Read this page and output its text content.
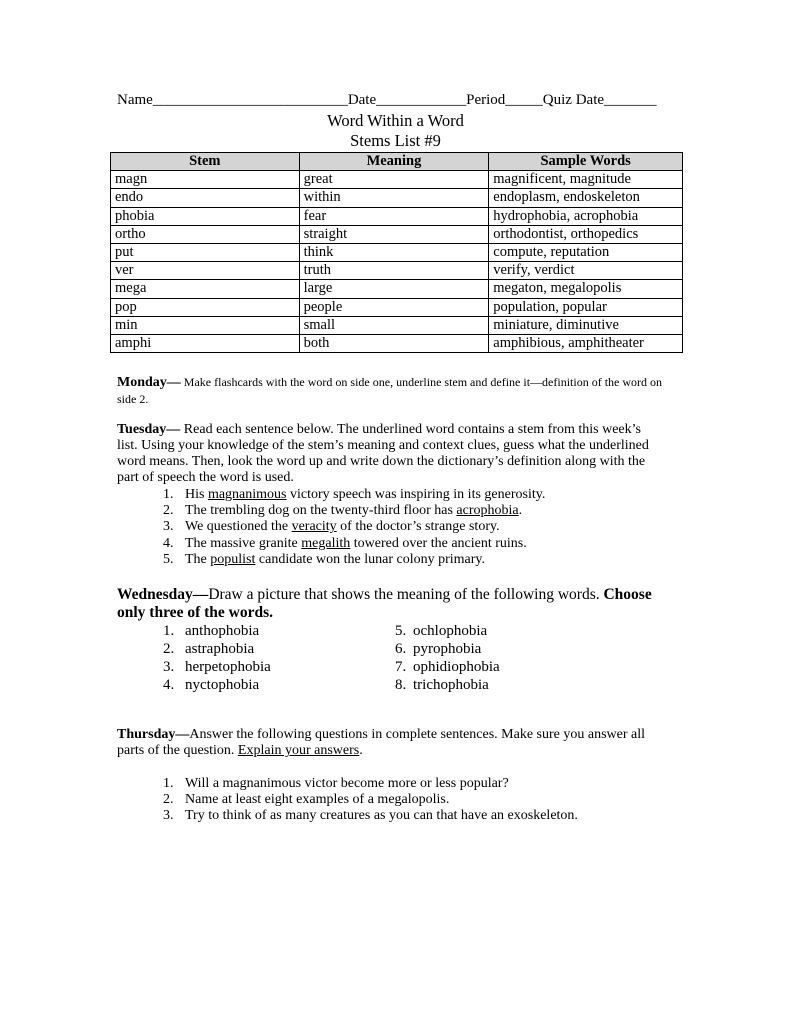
Name__________________________Date____________Period_____Quiz Date_______
Word Within a Word
Stems List #9
Stem	Meaning	Sample Words
magn	great	magnificent, magnitude
endo	within	endoplasm, endoskeleton
phobia	fear	hydrophobia, acrophobia
ortho	straight	orthodontist, orthopedics
put	think	compute, reputation
ver	truth	verify, verdict
mega	large	megaton, megalopolis
pop	people	population, popular
min	small	miniature, diminutive
amphi	both	amphibious, amphitheater
Monday— Make flashcards with the word on side one, underline stem and define it—definition of the word on side 2.
Tuesday— Read each sentence below. The underlined word contains a stem from this week’s list. Using your knowledge of the stem’s meaning and context clues, guess what the underlined word means. Then, look the word up and write down the dictionary’s definition along with the part of speech the word is used.
1. His magnanimous victory speech was inspiring in its generosity.
2. The trembling dog on the twenty-third floor has acrophobia.
3. We questioned the veracity of the doctor’s strange story.
4. The massive granite megalith towered over the ancient ruins.
5. The populist candidate won the lunar colony primary.
Wednesday—Draw a picture that shows the meaning of the following words. Choose only three of the words.
1. anthophobia
2. astraphobia
3. herpetophobia
4. nyctophobia
5. ochlophobia
6. pyrophobia
7. ophidiophobia
8. trichophobia
Thursday—Answer the following questions in complete sentences. Make sure you answer all parts of the question. Explain your answers.
1. Will a magnanimous victor become more or less popular?
2. Name at least eight examples of a megalopolis.
3. Try to think of as many creatures as you can that have an exoskeleton.
